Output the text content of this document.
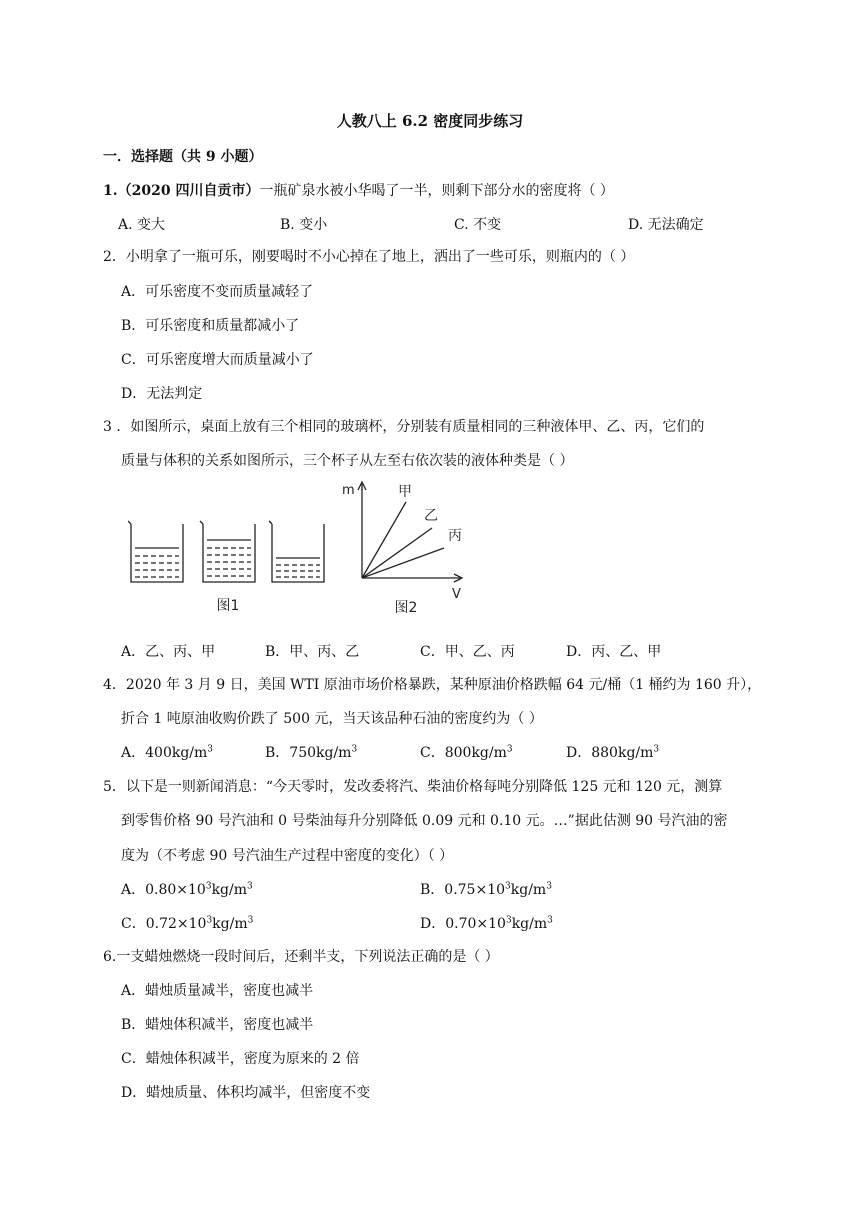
人教八上 6.2 密度同步练习
一．选择题（共 9 小题）
1.（2020 四川自贡市）一瓶矿泉水被小华喝了一半，则剩下部分水的密度将（ ）
A. 变大	B. 变小	C. 不变	D. 无法确定
2．小明拿了一瓶可乐，刚要喝时不小心掉在了地上，洒出了一些可乐，则瓶内的（ ）
A．可乐密度不变而质量减轻了
B．可乐密度和质量都减小了
C．可乐密度增大而质量减小了
D．无法判定
3 ．如图所示，桌面上放有三个相同的玻璃杯，分别装有质量相同的三种液体甲、乙、丙，它们的
质量与体积的关系如图所示，三个杯子从左至右依次装的液体种类是（ ）
图1
m
V
甲
乙
丙
图2
A．乙、丙、甲	B．甲、丙、乙	C．甲、乙、丙	D．丙、乙、甲
4．2020 年 3 月 9 日，美国 WTI 原油市场价格暴跌，某种原油价格跌幅 64 元/桶（1 桶约为 160 升），
折合 1 吨原油收购价跌了 500 元，当天该品种石油的密度约为（ ）
A．$400kg/m^3$	B．$750kg/m^3$	C．$800kg/m^3$	D．$880kg/m^3$
5．以下是一则新闻消息：“今天零时，发改委将汽、柴油价格每吨分别降低 125 元和 120 元，测算
到零售价格 90 号汽油和 0 号柴油每升分别降低 0.09 元和 0.10 元。…”据此估测 90 号汽油的密
度为（不考虑 90 号汽油生产过程中密度的变化）（ ）
A．$0.80\times 10^3kg/m^3$	B．$0.75\times 10^3kg/m^3$
C．$0.72\times 10^3kg/m^3$	D．$0.70\times 10^3kg/m^3$
6.一支蜡烛燃烧一段时间后，还剩半支，下列说法正确的是（ ）
A．蜡烛质量减半，密度也减半
B．蜡烛体积减半，密度也减半
C．蜡烛体积减半，密度为原来的 2 倍
D．蜡烛质量、体积均减半，但密度不变
